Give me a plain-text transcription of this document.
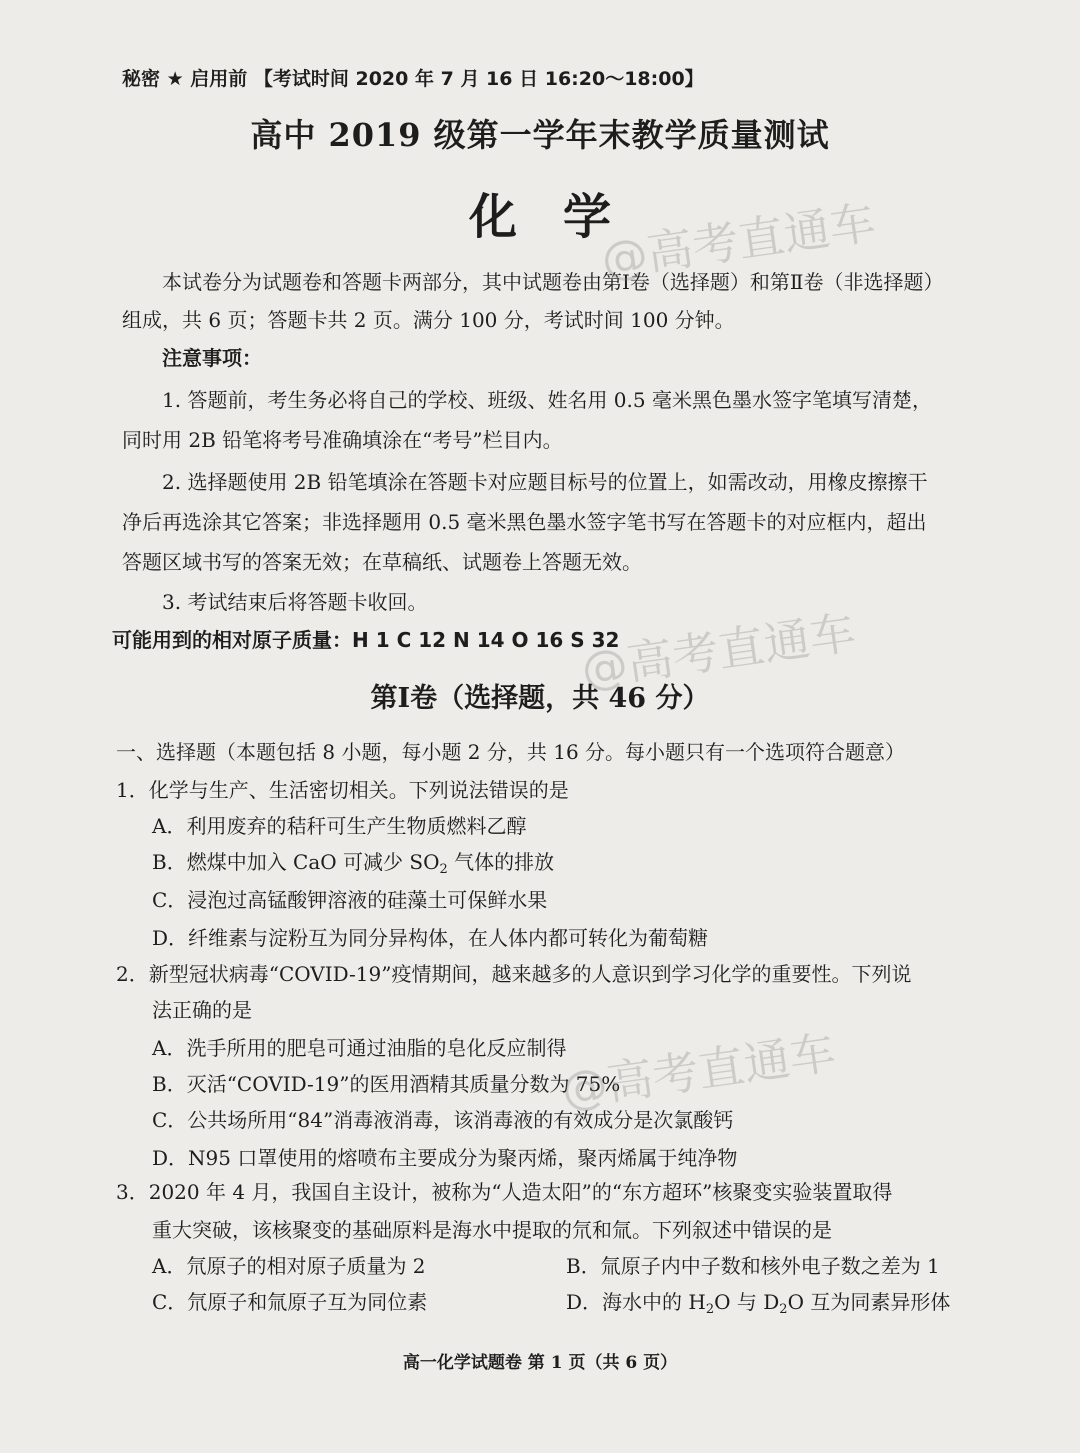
秘密 ★ 启用前 【考试时间 2020 年 7 月 16 日 16:20～18:00】
高中 2019 级第一学年末教学质量测试
化学
本试卷分为试题卷和答题卡两部分，其中试题卷由第Ⅰ卷（选择题）和第Ⅱ卷（非选择题）
组成，共 6 页；答题卡共 2 页。满分 100 分，考试时间 100 分钟。
注意事项：
1. 答题前，考生务必将自己的学校、班级、姓名用 0.5 毫米黑色墨水签字笔填写清楚，
同时用 2B 铅笔将考号准确填涂在“考号”栏目内。
2. 选择题使用 2B 铅笔填涂在答题卡对应题目标号的位置上，如需改动，用橡皮擦擦干
净后再选涂其它答案；非选择题用 0.5 毫米黑色墨水签字笔书写在答题卡的对应框内，超出
答题区域书写的答案无效；在草稿纸、试题卷上答题无效。
3. 考试结束后将答题卡收回。
可能用到的相对原子质量：H 1 C 12 N 14 O 16 S 32
第Ⅰ卷（选择题，共 46 分）
一、选择题（本题包括 8 小题，每小题 2 分，共 16 分。每小题只有一个选项符合题意）
1．化学与生产、生活密切相关。下列说法错误的是
A．利用废弃的秸秆可生产生物质燃料乙醇
B．燃煤中加入 CaO 可减少 $SO_2$ 气体的排放
C．浸泡过高锰酸钾溶液的硅藻土可保鲜水果
D．纤维素与淀粉互为同分异构体，在人体内都可转化为葡萄糖
2．新型冠状病毒“COVID-19”疫情期间，越来越多的人意识到学习化学的重要性。下列说
法正确的是
A．洗手所用的肥皂可通过油脂的皂化反应制得
B．灭活“COVID-19”的医用酒精其质量分数为 75%
C．公共场所用“84”消毒液消毒，该消毒液的有效成分是次氯酸钙
D．N95 口罩使用的熔喷布主要成分为聚丙烯，聚丙烯属于纯净物
3．2020 年 4 月，我国自主设计，被称为“人造太阳”的“东方超环”核聚变实验装置取得
重大突破，该核聚变的基础原料是海水中提取的氘和氚。下列叙述中错误的是
A．氘原子的相对原子质量为 2	B．氚原子内中子数和核外电子数之差为 1
C．氘原子和氚原子互为同位素	D．海水中的 $H_2O$ 与 $D_2O$ 互为同素异形体
高一化学试题卷 第 1 页（共 6 页）
@高考直通车
@高考直通车
@高考直通车
